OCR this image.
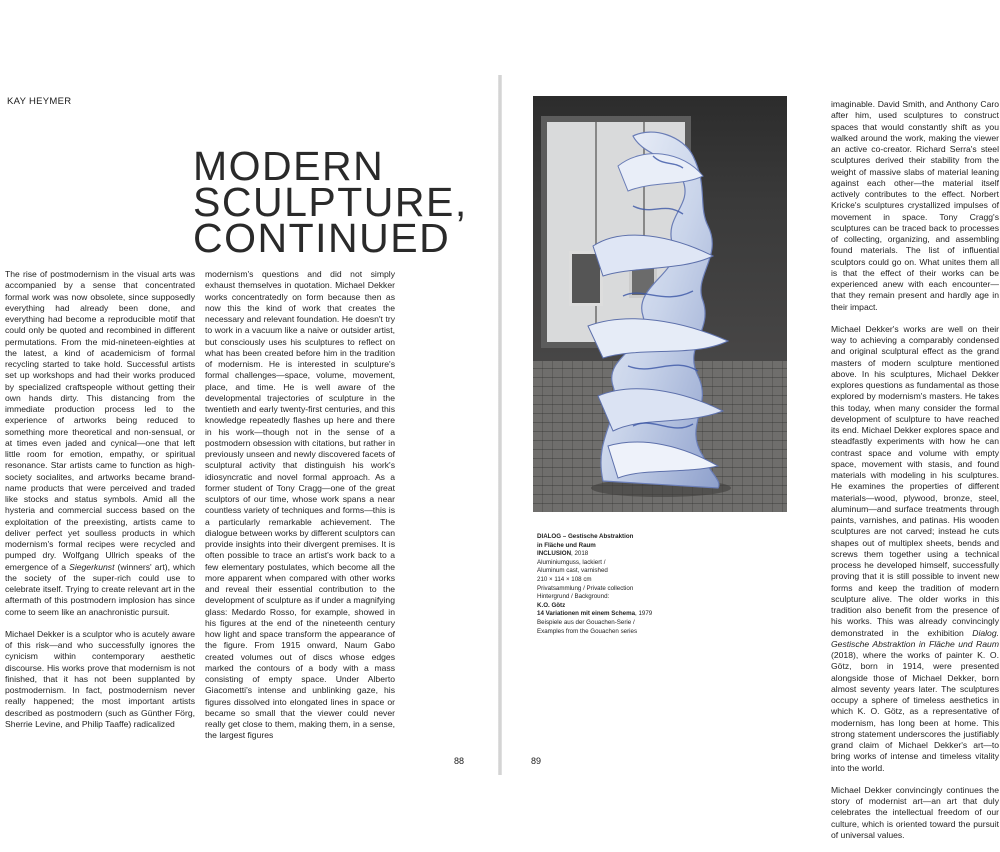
KAY HEYMER
MODERN
SCULPTURE,
CONTINUED

The rise of postmodernism in the visual arts was accompanied by a sense that concentrated formal work was now obsolete, since supposedly everything had already been done, and everything had become a reproducible motif that could only be quoted and recombined in different permutations. From the mid-nineteen-eighties at the latest, a kind of academicism of formal recycling started to take hold. Successful artists set up workshops and had their works produced by specialized craftspeople without getting their own hands dirty. This distancing from the immediate production process led to the experience of artworks being reduced to something more theoretical and non-sensual, or at times even jaded and cynical—one that left little room for emotion, empathy, or spiritual resonance. Star artists came to function as high-society socialites, and artworks became brand-name products that were perceived and traded like stocks and status symbols. Amid all the hysteria and commercial success based on the exploitation of the preexisting, artists came to deliver perfect yet soulless products in which modernism's formal recipes were recycled and pumped dry. Wolfgang Ullrich speaks of the emergence of a Siegerkunst (winners' art), which the society of the super-rich could use to celebrate itself. Trying to create relevant art in the aftermath of this postmodern implosion has since come to seem like an anachronistic pursuit.

Michael Dekker is a sculptor who is acutely aware of this risk—and who successfully ignores the cynicism within contemporary aesthetic discourse. His works prove that modernism is not finished, that it has not been supplanted by postmodernism. In fact, postmodernism never really happened; the most important artists described as postmodern (such as Günther Förg, Sherrie Levine, and Philip Taaffe) radicalized

modernism's questions and did not simply exhaust themselves in quotation. Michael Dekker works concentratedly on form because then as now this the kind of work that creates the necessary and relevant foundation. He doesn't try to work in a vacuum like a naive or outsider artist, but consciously uses his sculptures to reflect on what has been created before him in the tradition of modernism. He is interested in sculpture's formal challenges—space, volume, movement, place, and time. He is well aware of the developmental trajectories of sculpture in the twentieth and early twenty-first centuries, and this knowledge repeatedly flashes up here and there in his work—though not in the sense of a postmodern obsession with citations, but rather in previously unseen and newly discovered facets of sculptural activity that distinguish his work's idiosyncratic and novel formal approach. As a former student of Tony Cragg—one of the great sculptors of our time, whose work spans a near countless variety of techniques and forms—this is a particularly remarkable achievement. The dialogue between works by different sculptors can provide insights into their divergent premises. It is often possible to trace an artist's work back to a few elementary postulates, which become all the more apparent when compared with other works and reveal their essential contribution to the development of sculpture as if under a magnifying glass: Medardo Rosso, for example, showed in his figures at the end of the nineteenth century how light and space transform the appearance of the figure. From 1915 onward, Naum Gabo created volumes out of discs whose edges marked the contours of a body with a mass consisting of empty space. Under Alberto Giacometti's intense and unblinking gaze, his figures dissolved into elongated lines in space or became so small that the viewer could never really get close to them, making them, in a sense, the largest figures

88
DIALOG – Gestische Abstraktion
in Fläche und Raum
INCLUSION, 2018
Aluminiumguss, lackiert /
Aluminum cast, varnished
210 × 114 × 108 cm
Privatsammlung / Private collection
Hintergrund / Background:
K.O. Götz
14 Variationen mit einem Schema, 1979
Beispiele aus der Gouachen-Serie /
Examples from the Gouachen series

imaginable. David Smith, and Anthony Caro after him, used sculptures to construct spaces that would constantly shift as you walked around the work, making the viewer an active co-creator. Richard Serra's steel sculptures derived their stability from the weight of massive slabs of material leaning against each other—the material itself actively contributes to the effect. Norbert Kricke's sculptures crystallized impulses of movement in space. Tony Cragg's sculptures can be traced back to processes of collecting, organizing, and assembling found materials. The list of influential sculptors could go on. What unites them all is that the effect of their works can be experienced anew with each encounter—that they remain present and hardly age in their impact.

Michael Dekker's works are well on their way to achieving a comparably condensed and original sculptural effect as the grand masters of modern sculpture mentioned above. In his sculptures, Michael Dekker explores questions as fundamental as those explored by modernism's masters. He takes this today, when many consider the formal development of sculpture to have reached its end. Michael Dekker explores space and steadfastly experiments with how he can contrast space and volume with empty space, movement with stasis, and found materials with modeling in his sculptures. He examines the properties of different materials—wood, plywood, bronze, steel, aluminum—and surface treatments through paints, varnishes, and patinas. His wooden sculptures are not carved; instead he cuts shapes out of multiplex sheets, bends and screws them together using a technical process he developed himself, successfully proving that it is still possible to invent new forms and keep the tradition of modern sculpture alive. The older works in this tradition also benefit from the presence of his works. This was already convincingly demonstrated in the exhibition Dialog. Gestische Abstraktion in Fläche und Raum (2018), where the works of painter K. O. Götz, born in 1914, were presented alongside those of Michael Dekker, born almost seventy years later. The sculptures occupy a sphere of timeless aesthetics in which K. O. Götz, as a representative of modernism, has long been at home. This strong statement underscores the justifiably grand claim of Michael Dekker's art—to bring works of intense and timeless vitality into the world.

Michael Dekker convincingly continues the story of modernist art—an art that duly celebrates the intellectual freedom of our culture, which is oriented toward the pursuit of universal values.

89
